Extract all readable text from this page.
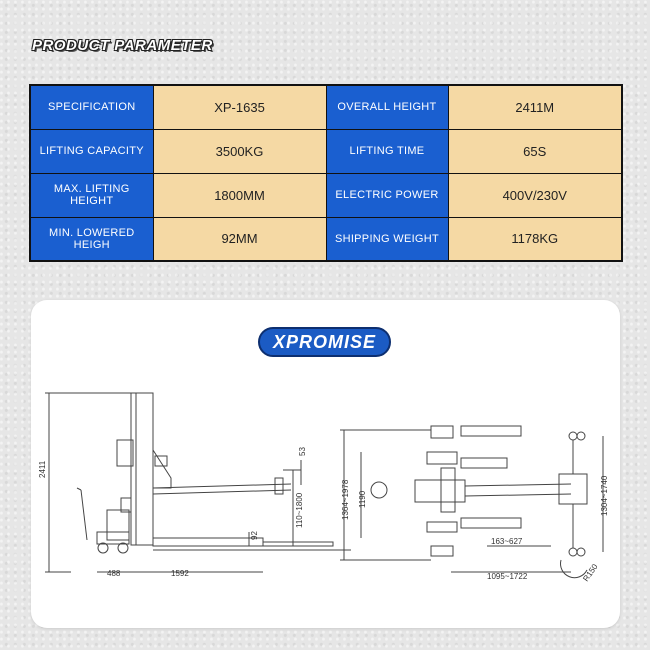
PRODUCT PARAMETER
SPECIFICATION	XP-1635	OVERALL HEIGHT	2411M
LIFTING CAPACITY	3500KG	LIFTING TIME	65S
MAX. LIFTING HEIGHT	1800MM	ELECTRIC POWER	400V/230V
MIN. LOWERED HEIGH	92MM	SHIPPING WEIGHT	1178KG
XPROMISE
2411
53
110~1800
92
488	1592
1364~1978 1190	1304~1740
163~627
1095~1722	R150
